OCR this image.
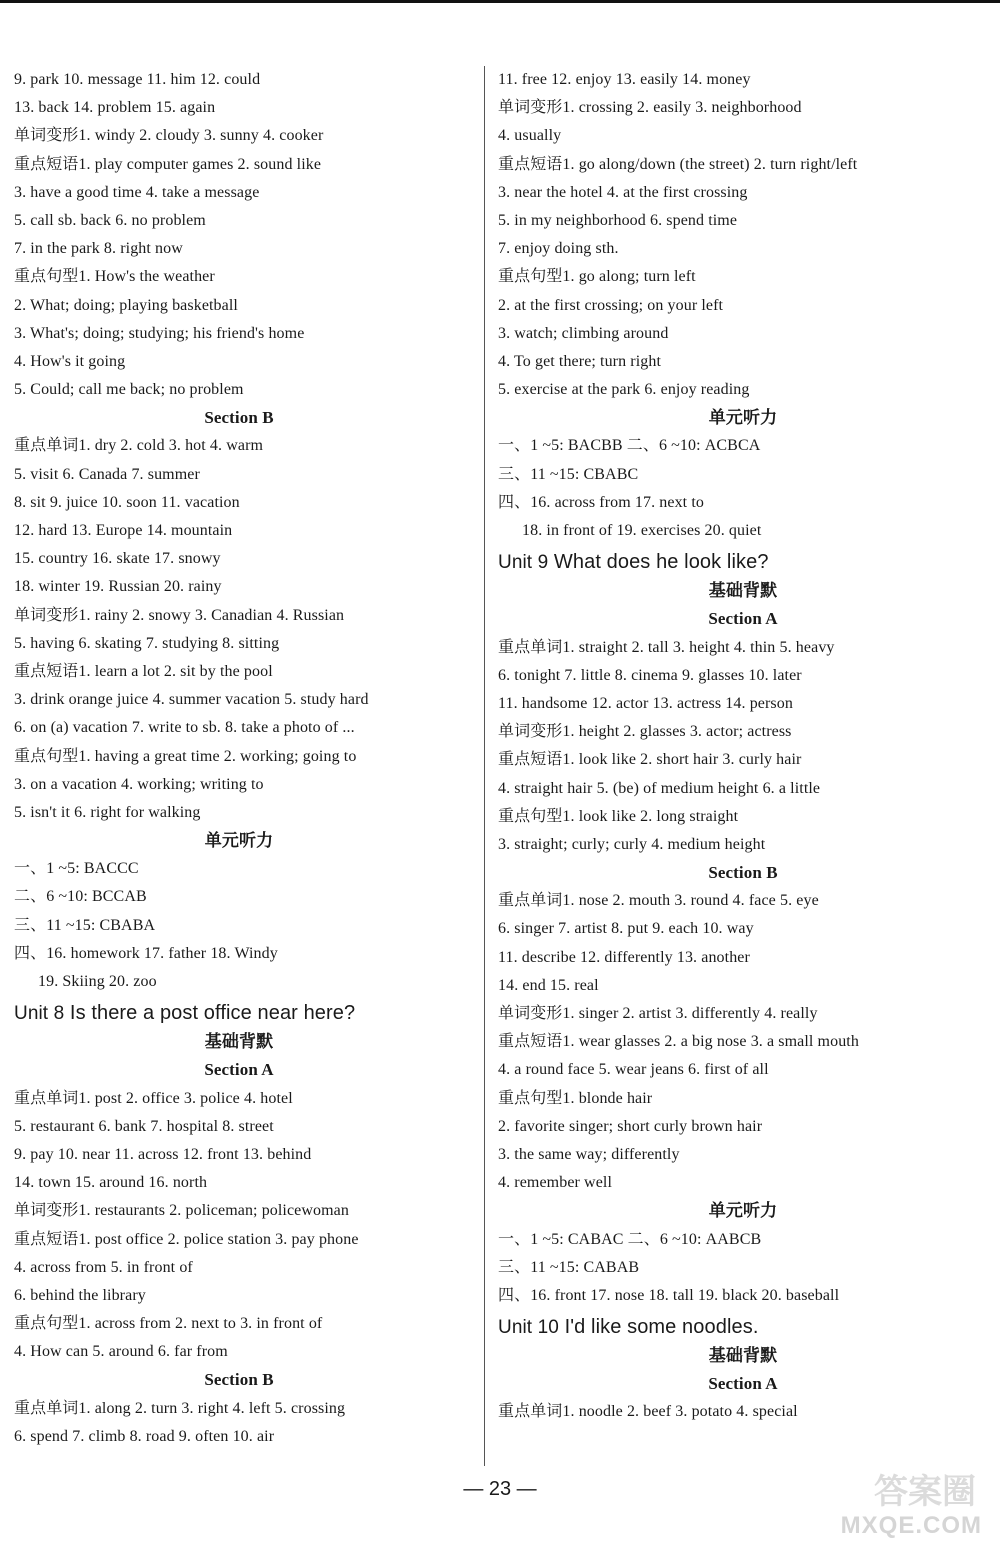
9. park 10. message 11. him 12. could
13. back 14. problem 15. again
单词变形1. windy 2. cloudy 3. sunny 4. cooker
重点短语1. play computer games 2. sound like
3. have a good time 4. take a message
5. call sb. back 6. no problem
7. in the park 8. right now
重点句型1. How's the weather
2. What; doing; playing basketball
3. What's; doing; studying; his friend's home
4. How's it going
5. Could; call me back; no problem
Section B
重点单词1. dry 2. cold 3. hot 4. warm
5. visit 6. Canada 7. summer
8. sit 9. juice 10. soon 11. vacation
12. hard 13. Europe 14. mountain
15. country 16. skate 17. snowy
18. winter 19. Russian 20. rainy
单词变形1. rainy 2. snowy 3. Canadian 4. Russian
5. having 6. skating 7. studying 8. sitting
重点短语1. learn a lot 2. sit by the pool
3. drink orange juice 4. summer vacation 5. study hard
6. on (a) vacation 7. write to sb. 8. take a photo of ...
重点句型1. having a great time 2. working; going to
3. on a vacation 4. working; writing to
5. isn't it 6. right for walking
单元听力
一、1 ~5: BACCC
二、6 ~10: BCCAB
三、11 ~15: CBABA
四、16. homework 17. father 18. Windy
19. Skiing 20. zoo
Unit 8 Is there a post office near here?
基础背默
Section A
重点单词1. post 2. office 3. police 4. hotel
5. restaurant 6. bank 7. hospital 8. street
9. pay 10. near 11. across 12. front 13. behind
14. town 15. around 16. north
单词变形1. restaurants 2. policeman; policewoman
重点短语1. post office 2. police station 3. pay phone
4. across from 5. in front of
6. behind the library
重点句型1. across from 2. next to 3. in front of
4. How can 5. around 6. far from
Section B
重点单词1. along 2. turn 3. right 4. left 5. crossing
6. spend 7. climb 8. road 9. often 10. air
11. free 12. enjoy 13. easily 14. money
单词变形1. crossing 2. easily 3. neighborhood
4. usually
重点短语1. go along/down (the street) 2. turn right/left
3. near the hotel 4. at the first crossing
5. in my neighborhood 6. spend time
7. enjoy doing sth.
重点句型1. go along; turn left
2. at the first crossing; on your left
3. watch; climbing around
4. To get there; turn right
5. exercise at the park 6. enjoy reading
单元听力
一、1 ~5: BACBB 二、6 ~10: ACBCA
三、11 ~15: CBABC
四、16. across from 17. next to
18. in front of 19. exercises 20. quiet
Unit 9 What does he look like?
基础背默
Section A
重点单词1. straight 2. tall 3. height 4. thin 5. heavy
6. tonight 7. little 8. cinema 9. glasses 10. later
11. handsome 12. actor 13. actress 14. person
单词变形1. height 2. glasses 3. actor; actress
重点短语1. look like 2. short hair 3. curly hair
4. straight hair 5. (be) of medium height 6. a little
重点句型1. look like 2. long straight
3. straight; curly; curly 4. medium height
Section B
重点单词1. nose 2. mouth 3. round 4. face 5. eye
6. singer 7. artist 8. put 9. each 10. way
11. describe 12. differently 13. another
14. end 15. real
单词变形1. singer 2. artist 3. differently 4. really
重点短语1. wear glasses 2. a big nose 3. a small mouth
4. a round face 5. wear jeans 6. first of all
重点句型1. blonde hair
2. favorite singer; short curly brown hair
3. the same way; differently
4. remember well
单元听力
一、1 ~5: CABAC 二、6 ~10: AABCB
三、11 ~15: CABAB
四、16. front 17. nose 18. tall 19. black 20. baseball
Unit 10 I'd like some noodles.
基础背默
Section A
重点单词1. noodle 2. beef 3. potato 4. special
— 23 —	答案圈
MXQE.COM
